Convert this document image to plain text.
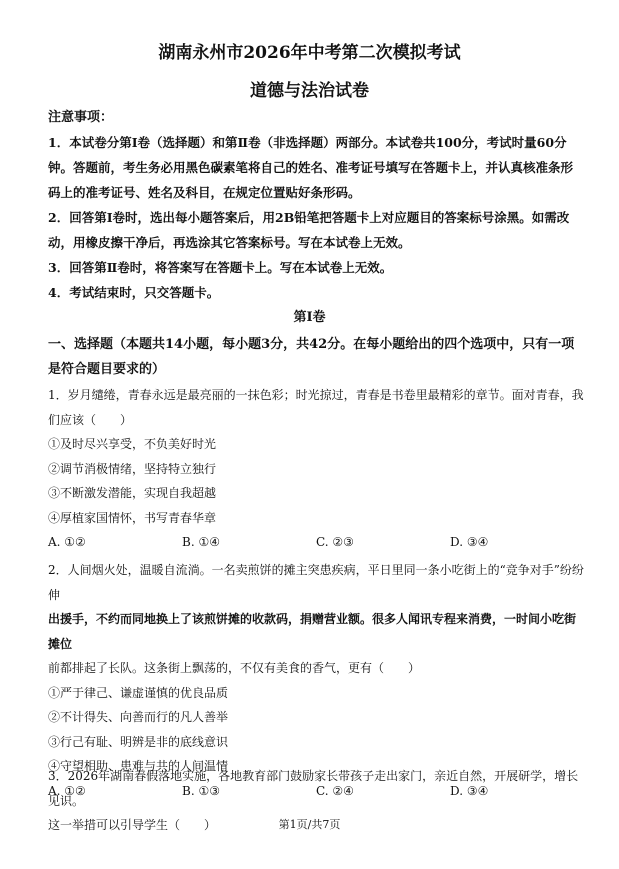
湖南永州市2026年中考第二次模拟考试
道德与法治试卷
注意事项：

1．本试卷分第Ⅰ卷（选择题）和第Ⅱ卷（非选择题）两部分。本试卷共100分，考试时量60分钟。答题前，考生务必用黑色碳素笔将自己的姓名、准考证号填写在答题卡上，并认真核准条形码上的准考证号、姓名及科目，在规定位置贴好条形码。

2．回答第Ⅰ卷时，选出每小题答案后，用2B铅笔把答题卡上对应题目的答案标号涂黑。如需改动，用橡皮擦干净后，再选涂其它答案标号。写在本试卷上无效。

3．回答第Ⅱ卷时，将答案写在答题卡上。写在本试卷上无效。

4．考试结束时，只交答题卡。

第Ⅰ卷
一、选择题（本题共14小题，每小题3分，共42分。在每小题给出的四个选项中，只有一项是符合题目要求的）

1．岁月缱绻，青春永远是最亮丽的一抹色彩；时光掠过，青春是书卷里最精彩的章节。面对青春，我们应该（　　）

①及时尽兴享受，不负美好时光

②调节消极情绪，坚持特立独行

③不断激发潜能，实现自我超越

④厚植家国情怀，书写青春华章

A. ①②	B. ①④	C. ②③	D. ③④

2．人间烟火处，温暖自流淌。一名卖煎饼的摊主突患疾病，平日里同一条小吃街上的“竞争对手”纷纷伸

出援手，不约而同地换上了该煎饼摊的收款码，捐赠营业额。很多人闻讯专程来消费，一时间小吃街摊位

前都排起了长队。这条街上飘荡的，不仅有美食的香气，更有（　　）

①严于律己、谦虚谨慎的优良品质

②不计得失、向善而行的凡人善举

③行己有耻、明辨是非的底线意识

④守望相助、患难与共的人间温情

A. ①②	B. ①③	C. ②④	D. ③④

3．2026年湖南春假落地实施，各地教育部门鼓励家长带孩子走出家门，亲近自然，开展研学，增长见识。

这一举措可以引导学生（　　）	第1页/共7页
